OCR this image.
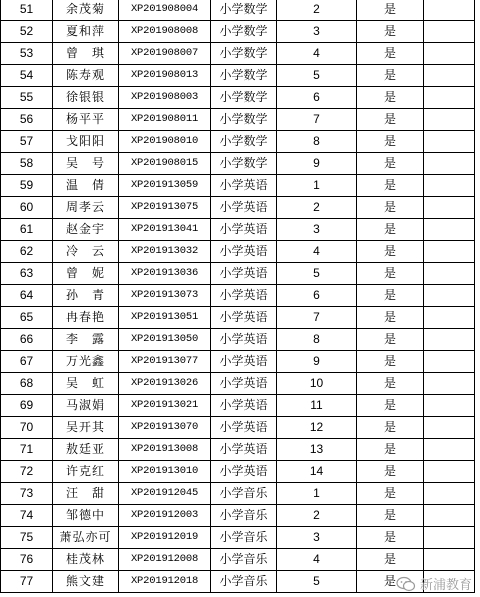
51	余茂菊	XP201908004	小学数学	2	是	
52	夏和萍	XP201908008	小学数学	3	是	
53	曾　琪	XP201908007	小学数学	4	是	
54	陈寿观	XP201908013	小学数学	5	是	
55	徐银银	XP201908003	小学数学	6	是	
56	杨平平	XP201908011	小学数学	7	是	
57	戈阳阳	XP201908010	小学数学	8	是	
58	吴　号	XP201908015	小学数学	9	是	
59	温　倩	XP201913059	小学英语	1	是	
60	周孝云	XP201913075	小学英语	2	是	
61	赵金宇	XP201913041	小学英语	3	是	
62	冷　云	XP201913032	小学英语	4	是	
63	曾　妮	XP201913036	小学英语	5	是	
64	孙　青	XP201913073	小学英语	6	是	
65	冉春艳	XP201913051	小学英语	7	是	
66	李　露	XP201913050	小学英语	8	是	
67	万光鑫	XP201913077	小学英语	9	是	
68	吴　虹	XP201913026	小学英语	10	是	
69	马淑娟	XP201913021	小学英语	11	是	
70	吴开其	XP201913070	小学英语	12	是	
71	敖廷亚	XP201913008	小学英语	13	是	
72	许克红	XP201913010	小学英语	14	是	
73	汪　甜	XP201912045	小学音乐	1	是	
74	邹德中	XP201912003	小学音乐	2	是	
75	萧弘亦可	XP201912019	小学音乐	3	是	
76	桂茂林	XP201912008	小学音乐	4	是	
77	熊文建	XP201912018	小学音乐	5	是	新浦教育
